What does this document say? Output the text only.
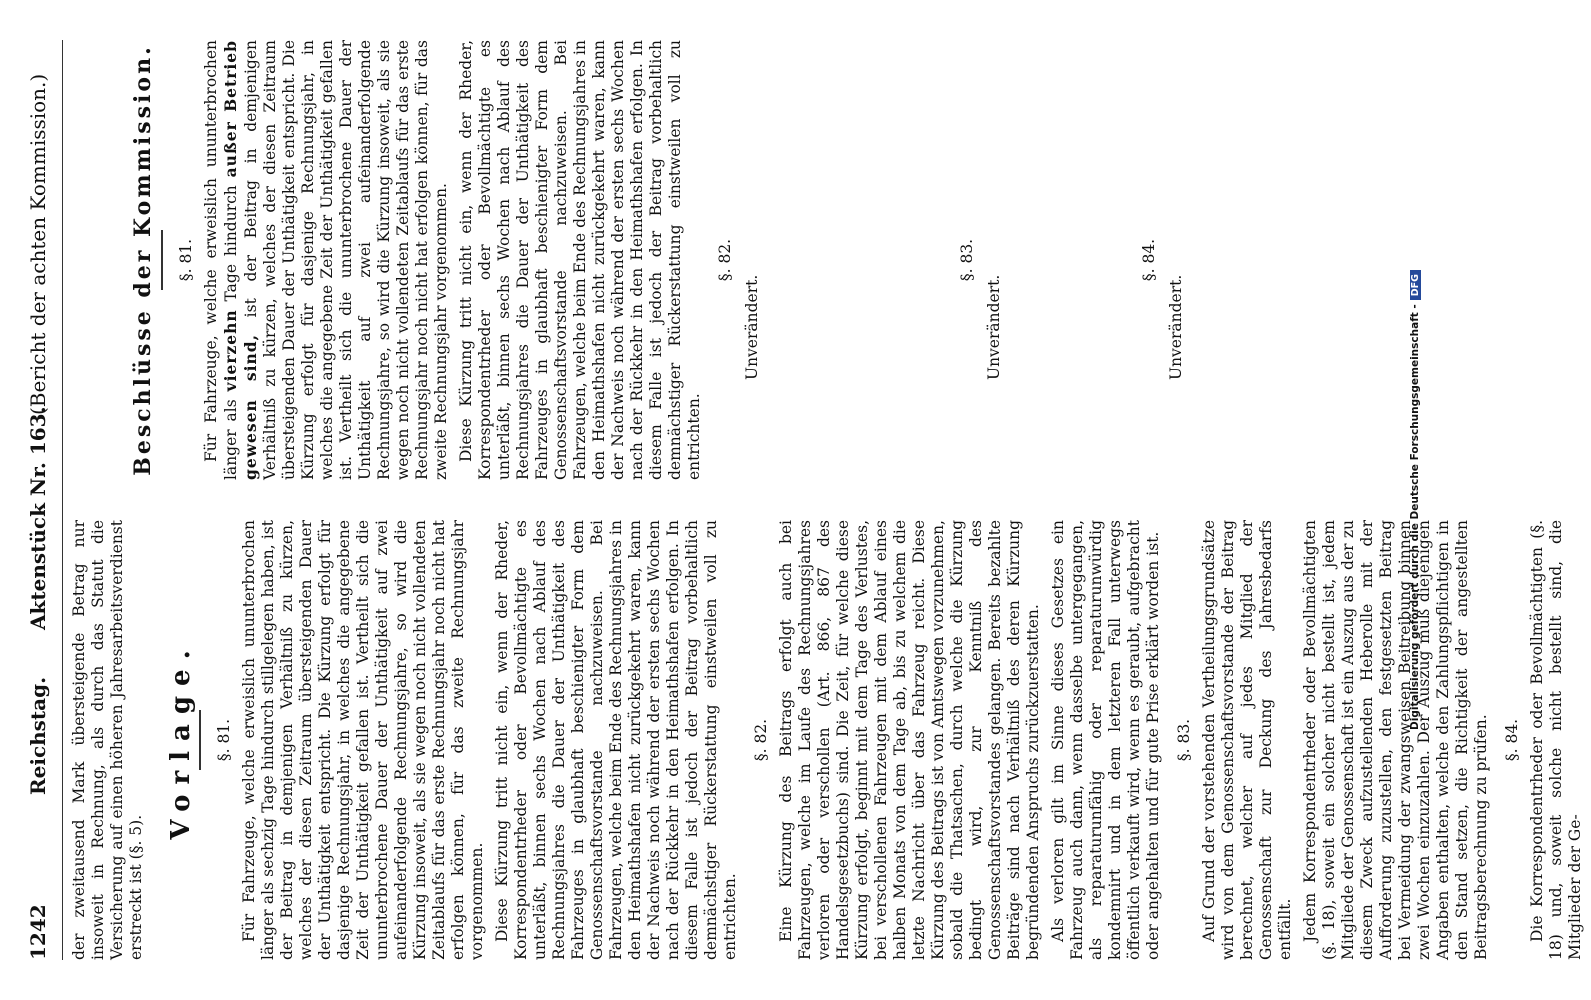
1242
Reichstag.
Aktenstück Nr. 163.
(Bericht der achten Kommission.)

der zweitausend Mark übersteigende Betrag nur insoweit in Rechnung, als durch das Statut die Versicherung auf einen höheren Jahresarbeitsverdienst erstreckt ist (§. 5).

Vorlage. §. 81. Für Fahrzeuge, welche erweislich ununterbrochen länger als sechzig Tage hindurch stillgelegen haben, ist der Beitrag in demjenigen Verhältniß zu kürzen, welches der diesen Zeitraum übersteigenden Dauer der Unthätigkeit entspricht. Die Kürzung erfolgt für dasjenige Rechnungsjahr, in welches die angegebene Zeit der Unthätigkeit gefallen ist. Vertheilt sich die ununterbrochene Dauer der Unthätigkeit auf zwei aufeinanderfolgende Rechnungsjahre, so wird die Kürzung insoweit, als sie wegen noch nicht vollendeten Zeitablaufs für das erste Rechnungsjahr noch nicht hat erfolgen können, für das zweite Rechnungsjahr vorgenommen. Diese Kürzung tritt nicht ein, wenn der Rheder, Korrespondentrheder oder Bevollmächtigte es unterläßt, binnen sechs Wochen nach Ablauf des Rechnungsjahres die Dauer der Unthätigkeit des Fahrzeuges in glaubhaft beschienigter Form dem Genossenschaftsvorstande nachzuweisen. Bei Fahrzeugen, welche beim Ende des Rechnungsjahres in den Heimathshafen nicht zurückgekehrt waren, kann der Nachweis noch während der ersten sechs Wochen nach der Rückkehr in den Heimathshafen erfolgen. In diesem Falle ist jedoch der Beitrag vorbehaltlich demnächstiger Rückerstattung einstweilen voll zu entrichten.

§. 82. Eine Kürzung des Beitrags erfolgt auch bei Fahrzeugen, welche im Laufe des Rechnungsjahres verloren oder verschollen (Art. 866, 867 des Handelsgesetzbuchs) sind. Die Zeit, für welche diese Kürzung erfolgt, beginnt mit dem Tage des Verlustes, bei verschollenen Fahrzeugen mit dem Ablauf eines halben Monats von dem Tage ab, bis zu welchem die letzte Nachricht über das Fahrzeug reicht. Diese Kürzung des Beitrags ist von Amtswegen vorzunehmen, sobald die Thatsachen, durch welche die Kürzung bedingt wird, zur Kenntniß des Genossenschaftsvorstandes gelangen. Bereits bezahlte Beiträge sind nach Verhältniß des deren Kürzung begründenden Anspruchs zurückzuerstatten. Als verloren gilt im Sinne dieses Gesetzes ein Fahrzeug auch dann, wenn dasselbe untergegangen, als reparaturunfähig oder reparaturunwürdig kondemnirt und in dem letzteren Fall unterwegs öffentlich verkauft wird, wenn es geraubt, aufgebracht oder angehalten und für gute Prise erklärt worden ist. §. 83. Auf Grund der vorstehenden Vertheilungsgrundsätze wird von dem Genossenschaftsvorstande der Beitrag berechnet, welcher auf jedes Mitglied der Genossenschaft zur Deckung des Jahresbedarfs entfällt. Jedem Korrespondentrheder oder Bevollmächtigten (§. 18), soweit ein solcher nicht bestellt ist, jedem Mitgliede der Genossenschaft ist ein Auszug aus der zu diesem Zweck aufzustellenden Heberolle mit der Aufforderung zuzustellen, den festgesetzten Beitrag bei Vermeidung der zwangsweisen Beitreibung binnen zwei Wochen einzuzahlen. Der Auszug muß diejenigen Angaben enthalten, welche den Zahlungspflichtigen in den Stand setzen, die Richtigkeit der angestellten Beitragsberechnung zu prüfen. §. 84. Die Korrespondentrheder oder Bevollmächtigten (§. 18) und, soweit solche nicht bestellt sind, die Mitglieder der Ge-

Beschlüsse der Kommission. §. 81. Für Fahrzeuge, welche erweislich ununterbrochen länger als vierzehn Tage hindurch außer Betrieb gewesen sind, ist der Beitrag in demjenigen Verhältniß zu kürzen, welches der diesen Zeitraum übersteigenden Dauer der Unthätigkeit entspricht. Die Kürzung erfolgt für dasjenige Rechnungsjahr, in welches die angegebene Zeit der Unthätigkeit gefallen ist. Vertheilt sich die ununterbrochene Dauer der Unthätigkeit auf zwei aufeinanderfolgende Rechnungsjahre, so wird die Kürzung insoweit, als sie wegen noch nicht vollendeten Zeitablaufs für das erste Rechnungsjahr noch nicht hat erfolgen können, für das zweite Rechnungsjahr vorgenommen. Diese Kürzung tritt nicht ein, wenn der Rheder, Korrespondentrheder oder Bevollmächtigte es unterläßt, binnen sechs Wochen nach Ablauf des Rechnungsjahres die Dauer der Unthätigkeit des Fahrzeuges in glaubhaft beschienigter Form dem Genossenschaftsvorstande nachzuweisen. Bei Fahrzeugen, welche beim Ende des Rechnungsjahres in den Heimathshafen nicht zurückgekehrt waren, kann der Nachweis noch während der ersten sechs Wochen nach der Rückkehr in den Heimathshafen erfolgen. In diesem Falle ist jedoch der Beitrag vorbehaltlich demnächstiger Rückerstattung einstweilen voll zu entrichten.

§. 82.
Unverändert.
§. 83.
Unverändert.
§. 84.
Unverändert.	Digitalisierung gefördert durch die Deutsche Forschungsgemeinschaft -DFG
